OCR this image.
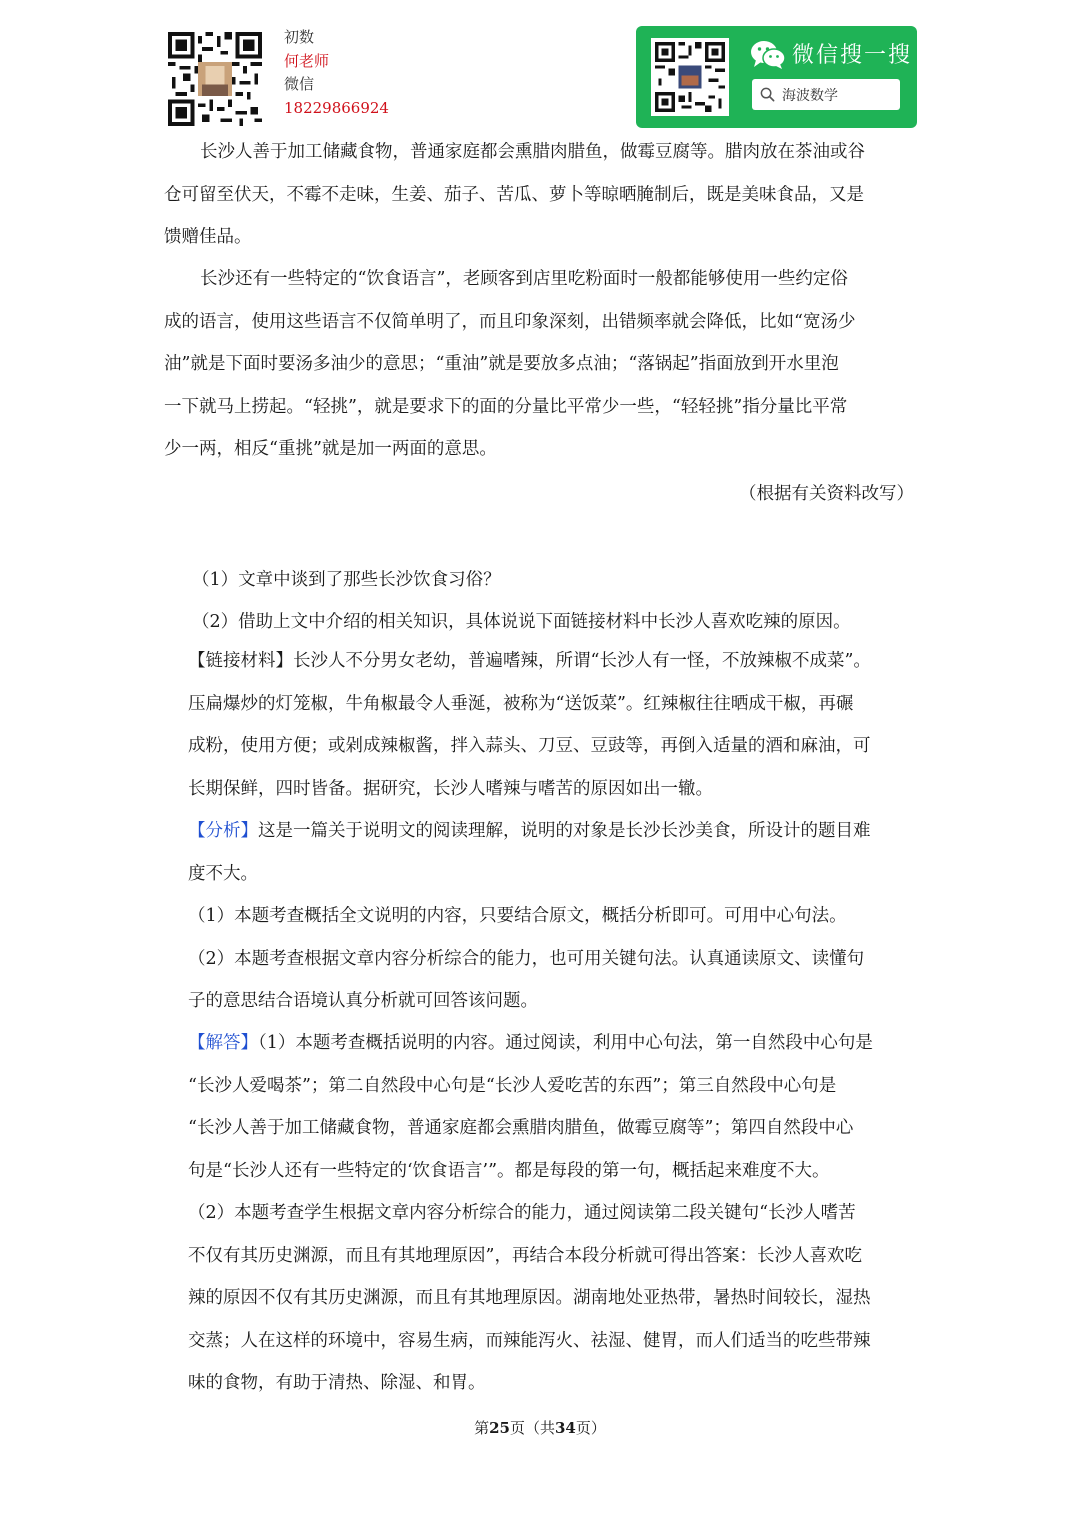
初数
何老师
微信
18229866924
微信搜一搜
海波数学
长沙人善于加工储藏食物，普通家庭都会熏腊肉腊鱼，做霉豆腐等。腊肉放在茶油或谷
仓可留至伏天，不霉不走味，生姜、茄子、苦瓜、萝卜等晾晒腌制后，既是美味食品，又是
馈赠佳品。
长沙还有一些特定的“饮食语言”，老顾客到店里吃粉面时一般都能够使用一些约定俗
成的语言，使用这些语言不仅简单明了，而且印象深刻，出错频率就会降低，比如“宽汤少
油”就是下面时要汤多油少的意思；“重油”就是要放多点油；“落锅起”指面放到开水里泡
一下就马上捞起。“轻挑”，就是要求下的面的分量比平常少一些，“轻轻挑”指分量比平常
少一两，相反“重挑”就是加一两面的意思。
（根据有关资料改写）
（1）文章中谈到了那些长沙饮食习俗？
（2）借助上文中介绍的相关知识，具体说说下面链接材料中长沙人喜欢吃辣的原因。
【链接材料】长沙人不分男女老幼，普遍嗜辣，所谓“长沙人有一怪，不放辣椒不成菜”。
压扁爆炒的灯笼椒，牛角椒最令人垂涎，被称为“送饭菜”。红辣椒往往晒成干椒，再碾
成粉，使用方便；或剁成辣椒酱，拌入蒜头、刀豆、豆豉等，再倒入适量的酒和麻油，可
长期保鲜，四时皆备。据研究，长沙人嗜辣与嗜苦的原因如出一辙。
【分析】这是一篇关于说明文的阅读理解，说明的对象是长沙长沙美食，所设计的题目难
度不大。
（1）本题考查概括全文说明的内容，只要结合原文，概括分析即可。可用中心句法。
（2）本题考查根据文章内容分析综合的能力，也可用关键句法。认真通读原文、读懂句
子的意思结合语境认真分析就可回答该问题。
【解答】（1）本题考查概括说明的内容。通过阅读，利用中心句法，第一自然段中心句是
“长沙人爱喝茶”；第二自然段中心句是“长沙人爱吃苦的东西”；第三自然段中心句是
“长沙人善于加工储藏食物，普通家庭都会熏腊肉腊鱼，做霉豆腐等”；第四自然段中心
句是“长沙人还有一些特定的‘饮食语言’”。都是每段的第一句，概括起来难度不大。
（2）本题考查学生根据文章内容分析综合的能力，通过阅读第二段关键句“长沙人嗜苦
不仅有其历史渊源，而且有其地理原因”，再结合本段分析就可得出答案：长沙人喜欢吃
辣的原因不仅有其历史渊源，而且有其地理原因。湖南地处亚热带，暑热时间较长，湿热
交蒸；人在这样的环境中，容易生病，而辣能泻火、祛湿、健胃，而人们适当的吃些带辣
味的食物，有助于清热、除湿、和胃。
第25页（共34页）
